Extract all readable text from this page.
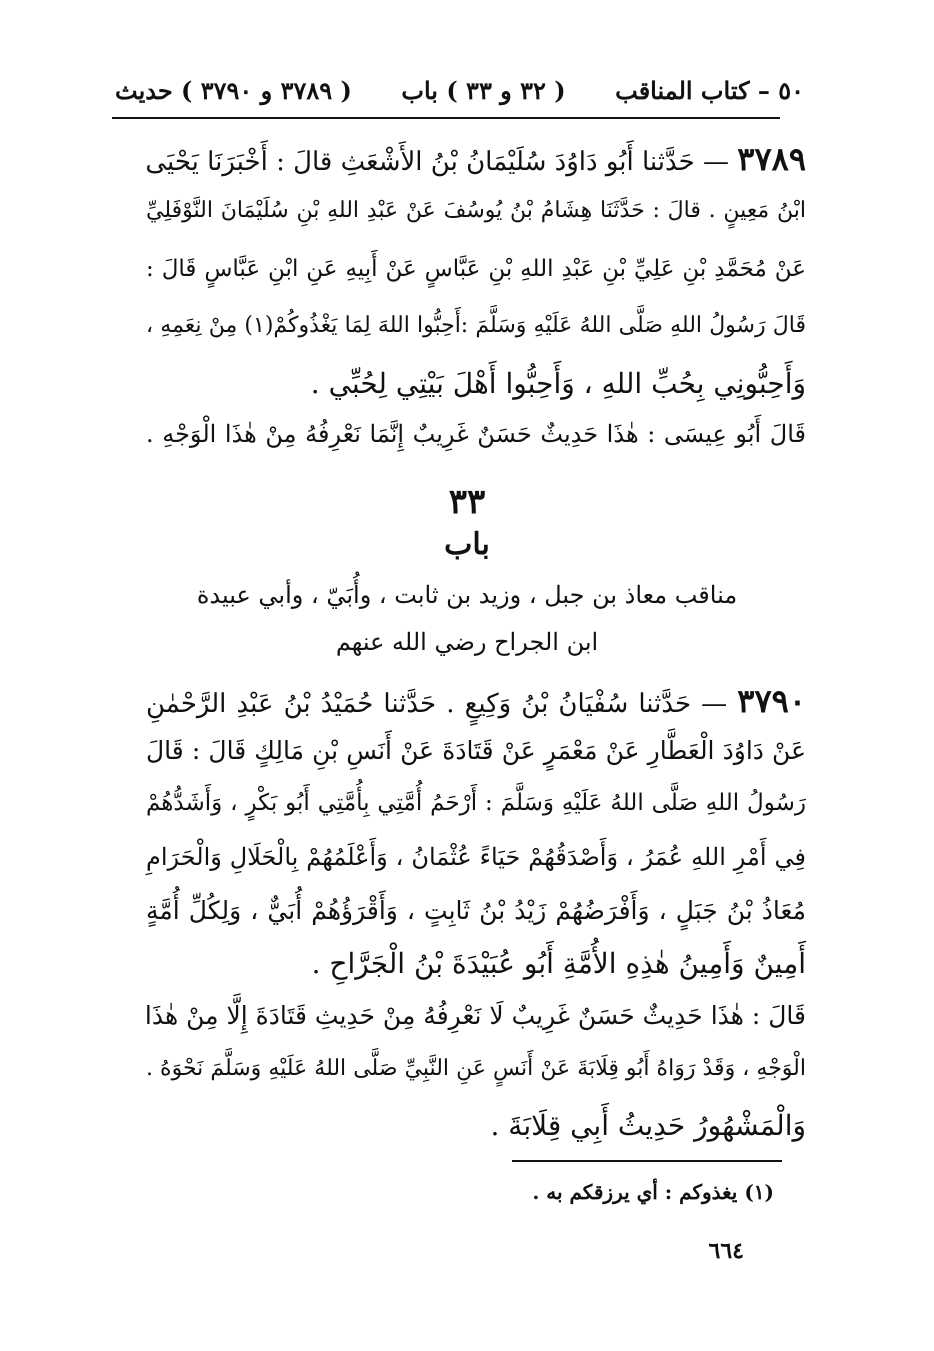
٥٠ – كتاب المناقب
( ٣٢ و ٣٣ ) باب
( ٣٧٨٩ و ٣٧٩٠ ) حديث
٣٧٨٩ — حَدَّثنا أَبُو دَاوُدَ سُلَيْمَانُ بْنُ الأَشْعَثِ قالَ : أَخْبَرَنَا يَحْيَى
ابْنُ مَعِينٍ . قالَ : حَدَّثَنَا هِشَامُ بْنُ يُوسُفَ عَنْ عَبْدِ اللهِ بْنِ سُلَيْمَانَ النَّوْفَلِيِّ
عَنْ مُحَمَّدِ بْنِ عَلِيِّ بْنِ عَبْدِ اللهِ بْنِ عَبَّاسٍ عَنْ أَبِيهِ عَنِ ابْنِ عَبَّاسٍ قَالَ :
قَالَ رَسُولُ اللهِ صَلَّى اللهُ عَلَيْهِ وَسَلَّمَ :أَحِبُّوا اللهَ لِمَا يَغْذُوكُمْ(١) مِنْ نِعَمِهِ ،
وَأَحِبُّونِي بِحُبِّ اللهِ ، وَأَحِبُّوا أَهْلَ بَيْتِي لِحُبِّي .
قَالَ أَبُو عِيسَى : هٰذَا حَدِيثٌ حَسَنٌ غَرِيبٌ إِنَّمَا نَعْرِفُهُ مِنْ هٰذَا الْوَجْهِ .
٣٣
باب
مناقب معاذ بن جبل ، وزيد بن ثابت ، وأُبَيّ ، وأبي عبيدة
ابن الجراح رضي الله عنهم
٣٧٩٠ — حَدَّثنا سُفْيَانُ بْنُ وَكِيعٍ . حَدَّثنا حُمَيْدُ بْنُ عَبْدِ الرَّحْمٰنِ
عَنْ دَاوُدَ الْعَطَّارِ عَنْ مَعْمَرٍ عَنْ قَتَادَةَ عَنْ أَنَسِ بْنِ مَالِكٍ قَالَ : قَالَ
رَسُولُ اللهِ صَلَّى اللهُ عَلَيْهِ وَسَلَّمَ : أَرْحَمُ أُمَّتِي بِأُمَّتِي أَبُو بَكْرٍ ، وَأَشَدُّهُمْ
فِي أَمْرِ اللهِ عُمَرُ ، وَأَصْدَقُهُمْ حَيَاءً عُثْمَانُ ، وَأَعْلَمُهُمْ بِالْحَلَالِ وَالْحَرَامِ
مُعَاذُ بْنُ جَبَلٍ ، وَأَفْرَضُهُمْ زَيْدُ بْنُ ثَابِتٍ ، وَأَقْرَؤُهُمْ أُبَيٌّ ، وَلِكُلِّ أُمَّةٍ
أَمِينٌ وَأَمِينُ هٰذِهِ الأُمَّةِ أَبُو عُبَيْدَةَ بْنُ الْجَرَّاحِ .
قَالَ : هٰذَا حَدِيثٌ حَسَنٌ غَرِيبٌ لَا نَعْرِفُهُ مِنْ حَدِيثِ قَتَادَةَ إِلَّا مِنْ هٰذَا
الْوَجْهِ ، وَقَدْ رَوَاهُ أَبُو قِلَابَةَ عَنْ أَنَسٍ عَنِ النَّبِيِّ صَلَّى اللهُ عَلَيْهِ وَسَلَّمَ نَحْوَهُ .
وَالْمَشْهُورُ حَدِيثُ أَبِي قِلَابَةَ .
(١) يغذوكم : أي يرزقكم به .
٦٦٤
